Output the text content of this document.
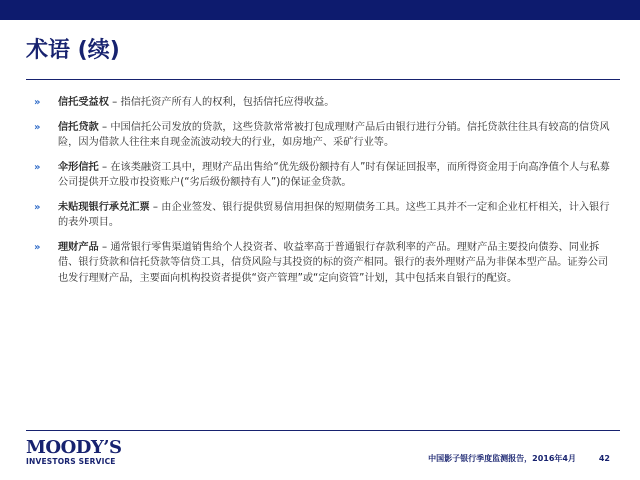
术语 (续)
» 信托受益权 – 指信托资产所有人的权利，包括信托应得收益。
» 信托贷款 – 中国信托公司发放的贷款，这些贷款常常被打包成理财产品后由银行进行分销。信托贷款往往具有较高的信贷风险，因为借款人往往来自现金流波动较大的行业，如房地产、采矿行业等。
» 伞形信托 – 在该类融资工具中，理财产品出售给“优先级份额持有人”时有保证回报率，而所得资金用于向高净值个人与私募公司提供开立股市投资账户(“劣后级份额持有人”)的保证金贷款。
» 未贴现银行承兑汇票 – 由企业签发、银行提供贸易信用担保的短期债务工具。这些工具并不一定和企业杠杆相关，计入银行的表外项目。
» 理财产品 – 通常银行零售渠道销售给个人投资者、收益率高于普通银行存款利率的产品。理财产品主要投向债券、同业拆借、银行贷款和信托贷款等信贷工具，信贷风险与其投资的标的资产相同。银行的表外理财产品为非保本型产品。证券公司也发行理财产品，主要面向机构投资者提供“资产管理”或“定向资管”计划，其中包括来自银行的配资。
MOODY’S
INVESTORS SERVICE	中国影子银行季度监测报告，2016年4月	42
